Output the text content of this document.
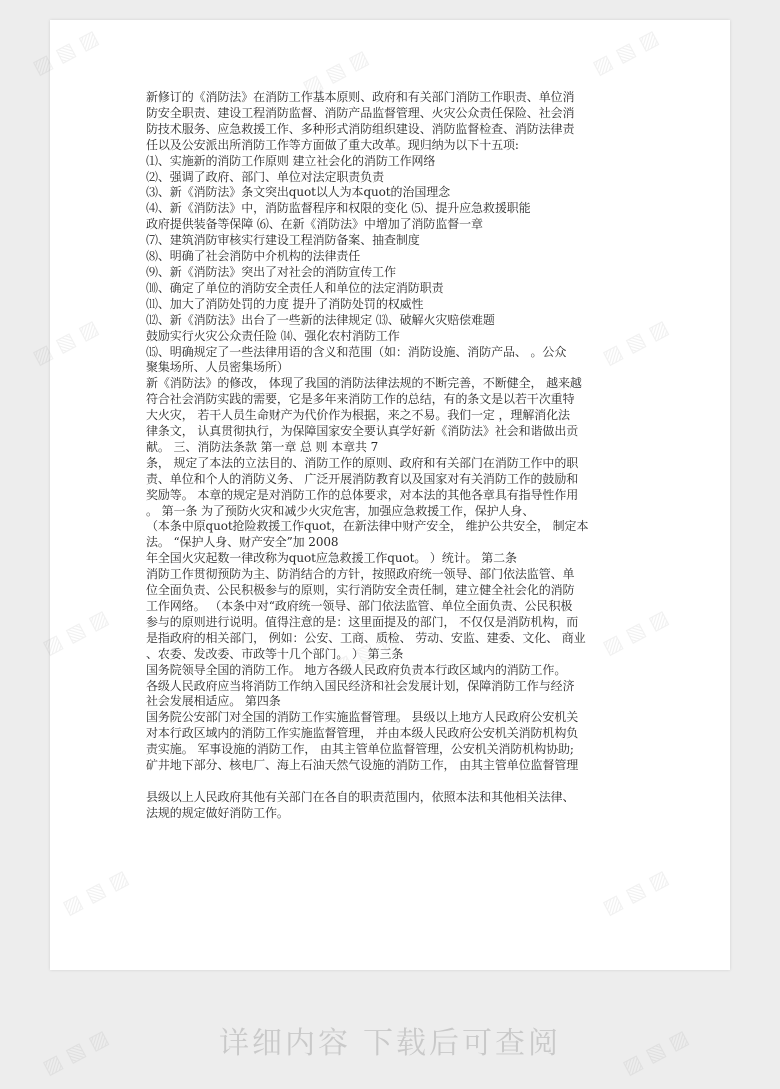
新修订的《消防法》在消防工作基本原则、政府和有关部门消防工作职责、单位消
防安全职责、建设工程消防监督、消防产品监督管理、火灾公众责任保险、社会消
防技术服务、应急救援工作、多种形式消防组织建设、消防监督检查、消防法律责
任以及公安派出所消防工作等方面做了重大改革。现归纳为以下十五项:
⑴、实施新的消防工作原则 建立社会化的消防工作网络
⑵、强调了政府、部门、单位对法定职责负责
⑶、新《消防法》条文突出quot以人为本quot的治国理念
⑷、新《消防法》中，消防监督程序和权限的变化 ⑸、提升应急救援职能
政府提供装备等保障 ⑹、在新《消防法》中增加了消防监督一章
⑺、建筑消防审核实行建设工程消防备案、抽查制度
⑻、明确了社会消防中介机构的法律责任
⑼、新《消防法》突出了对社会的消防宣传工作
⑽、确定了单位的消防安全责任人和单位的法定消防职责
⑾、加大了消防处罚的力度 提升了消防处罚的权威性
⑿、新《消防法》出台了一些新的法律规定 ⒀、破解火灾赔偿难题
鼓励实行火灾公众责任险 ⒁、强化农村消防工作
⒂、明确规定了一些法律用语的含义和范围（如：消防设施、消防产品、 。公众
聚集场所、人员密集场所）
新《消防法》的修改， 体现了我国的消防法律法规的不断完善，不断健全， 越来越
符合社会消防实践的需要，它是多年来消防工作的总结，有的条文是以若干次重特
大火灾， 若干人员生命财产为代价作为根据，来之不易。我们一定 ，理解消化法
律条文， 认真贯彻执行，为保障国家安全要认真学好新《消防法》社会和谐做出贡
献。 三、消防法条款 第一章 总 则 本章共 7
条， 规定了本法的立法目的、消防工作的原则、政府和有关部门在消防工作中的职
责、单位和个人的消防义务、 广泛开展消防教育以及国家对有关消防工作的鼓励和
奖励等。 本章的规定是对消防工作的总体要求，对本法的其他各章具有指导性作用
。 第一条 为了预防火灾和减少火灾危害，加强应急救援工作，保护人身、
（本条中原quot抢险救援工作quot，在新法律中财产安全， 维护公共安全， 制定本
法。 “保护人身、财产安全”加 2008
年全国火灾起数一律改称为quot应急救援工作quot。 ）统计。 第二条
消防工作贯彻预防为主、防消结合的方针，按照政府统一领导、部门依法监管、单
位全面负责、公民积极参与的原则，实行消防安全责任制，建立健全社会化的消防
工作网络。 （本条中对“政府统一领导、部门依法监管、单位全面负责、公民积极
参与的原则进行说明。值得注意的是：这里面提及的部门， 不仅仅是消防机构，而
是指政府的相关部门， 例如：公安、工商、质检、 劳动、安监、建委、文化、 商业
、农委、发改委、市政等十几个部门。 ） 第三条
国务院领导全国的消防工作。 地方各级人民政府负责本行政区域内的消防工作。
各级人民政府应当将消防工作纳入国民经济和社会发展计划，保障消防工作与经济
社会发展相适应。 第四条
国务院公安部门对全国的消防工作实施监督管理。 县级以上地方人民政府公安机关
对本行政区域内的消防工作实施监督管理， 并由本级人民政府公安机关消防机构负
责实施。 军事设施的消防工作， 由其主管单位监督管理，公安机关消防机构协助;
矿井地下部分、核电厂、海上石油天然气设施的消防工作， 由其主管单位监督管理
县级以上人民政府其他有关部门在各自的职责范围内，依照本法和其他相关法律、
法规的规定做好消防工作。
详细内容 下载后可查阅
▨
▨
▨ ▧ ▨	▨ ▧ ▨
